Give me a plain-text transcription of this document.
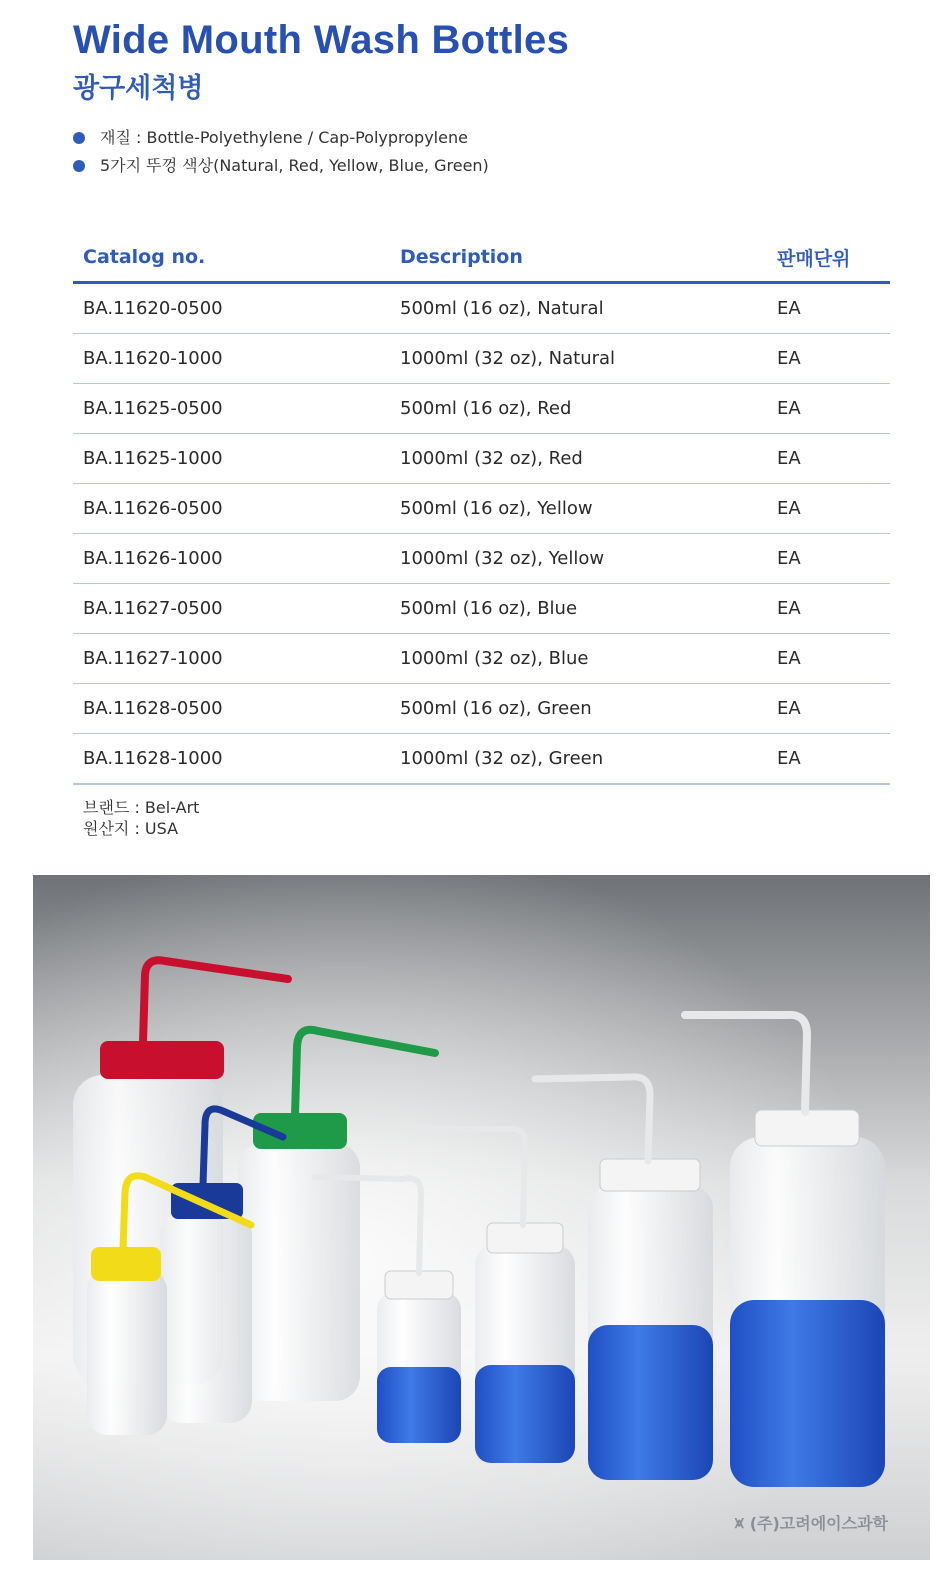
Wide Mouth Wash Bottles
광구세척병
재질 : Bottle-Polyethylene / Cap-Polypropylene
5가지 뚜껑 색상(Natural, Red, Yellow, Blue, Green)
Catalog no.	Description	판매단위
BA.11620-0500	500ml (16 oz), Natural	EA
BA.11620-1000	1000ml (32 oz), Natural	EA
BA.11625-0500	500ml (16 oz), Red	EA
BA.11625-1000	1000ml (32 oz), Red	EA
BA.11626-0500	500ml (16 oz), Yellow	EA
BA.11626-1000	1000ml (32 oz), Yellow	EA
BA.11627-0500	500ml (16 oz), Blue	EA
BA.11627-1000	1000ml (32 oz), Blue	EA
BA.11628-0500	500ml (16 oz), Green	EA
BA.11628-1000	1000ml (32 oz), Green	EA
브랜드 : Bel-Art
원산지 : USA
⩙ (주)고려에이스과학
